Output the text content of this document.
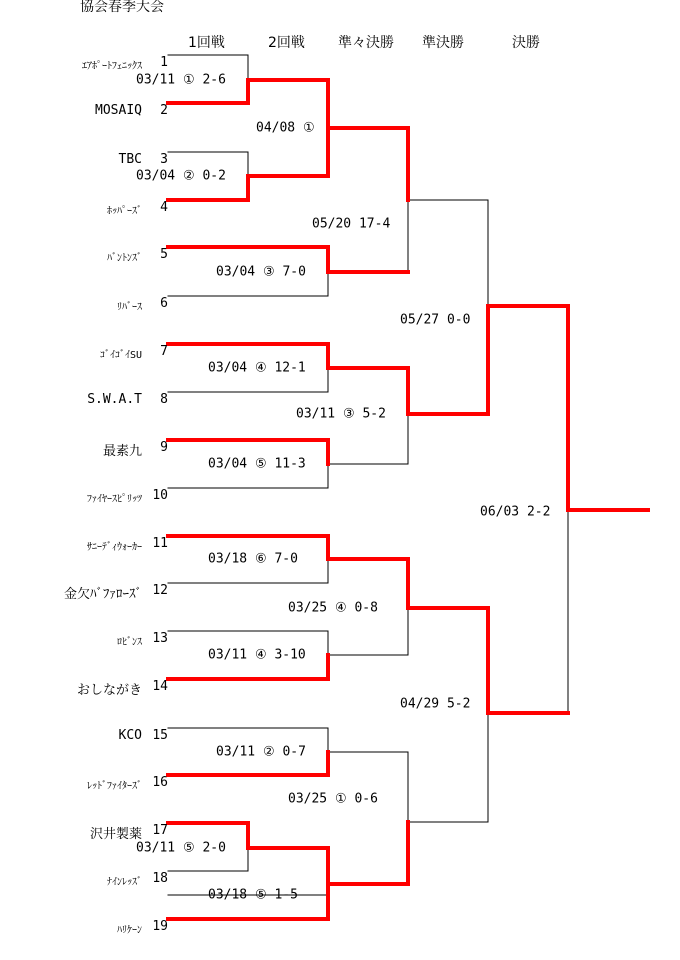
協会春季大会
1回戦	2回戦 準々決勝 準決勝	決勝
ｴｱﾎﾟｰﾄﾌｪﾆｯｸｽ	1
MOSAIQ	2
TBC	3
ﾎｯﾊﾟｰｽﾞ	4
ﾊﾞﾝﾄﾝｽﾞ	5
ﾘﾊﾞｰｽ	6
ｺﾞｲｺﾞｲSU	7
S.W.A.T	8
最素九	9
ﾌｧｲﾔｰｽﾋﾟﾘｯﾂ 10
ｻﾆｰﾃﾞｨｳｫｰｶｰ 11
金欠ﾊﾞﾌｧﾛｰｽﾞ 12
ﾛﾋﾞﾝｽ 13
おしながき 14
KCO 15
ﾚｯﾄﾞﾌｧｲﾀｰｽﾞ 16
沢井製薬 17
ﾅｲﾝﾚｯｽﾞ 18
ﾊﾘｹｰﾝ 19
03/11 ① 2-6
03/04 ② 0-2
03/18 ⑤ 1-5
04/08 ①
03/04 ③ 7-0
03/04 ④ 12-1
03/04 ⑤ 11-3
03/18 ⑥ 7-0
03/11 ④ 3-10
03/11 ② 0-7
03/11 ⑤ 2-0
05/20 17-4
03/11 ③ 5-2
03/25 ④ 0-8
03/25 ① 0-6
05/27 0-0
04/29 5-2
06/03 2-2
